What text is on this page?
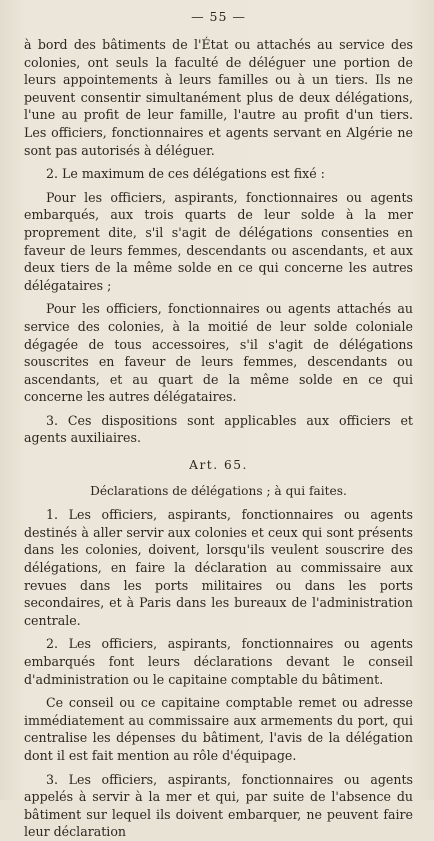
— 55 —

à bord des bâtiments de l'État ou attachés au service des colonies, ont seuls la faculté de déléguer une portion de leurs appointements à leurs familles ou à un tiers. Ils ne peuvent consentir simultanément plus de deux délégations, l'une au profit de leur famille, l'autre au profit d'un tiers. Les officiers, fonctionnaires et agents servant en Algérie ne sont pas autorisés à déléguer.

2. Le maximum de ces délégations est fixé :

Pour les officiers, aspirants, fonctionnaires ou agents embarqués, aux trois quarts de leur solde à la mer proprement dite, s'il s'agit de délégations consenties en faveur de leurs femmes, descendants ou ascendants, et aux deux tiers de la même solde en ce qui concerne les autres délégataires ;

Pour les officiers, fonctionnaires ou agents attachés au service des colonies, à la moitié de leur solde coloniale dégagée de tous accessoires, s'il s'agit de délégations souscrites en faveur de leurs femmes, descendants ou ascendants, et au quart de la même solde en ce qui concerne les autres délégataires.

3. Ces dispositions sont applicables aux officiers et agents auxiliaires.

Art. 65.
Déclarations de délégations ; à qui faites.

1. Les officiers, aspirants, fonctionnaires ou agents destinés à aller servir aux colonies et ceux qui sont présents dans les colonies, doivent, lorsqu'ils veulent souscrire des délégations, en faire la déclaration au commissaire aux revues dans les ports militaires ou dans les ports secondaires, et à Paris dans les bureaux de l'administration centrale.

2. Les officiers, aspirants, fonctionnaires ou agents embarqués font leurs déclarations devant le conseil d'administration ou le capitaine comptable du bâtiment.

Ce conseil ou ce capitaine comptable remet ou adresse immédiatement au commissaire aux armements du port, qui centralise les dépenses du bâtiment, l'avis de la délégation dont il est fait mention au rôle d'équipage.

3. Les officiers, aspirants, fonctionnaires ou agents appelés à servir à la mer et qui, par suite de l'absence du bâtiment sur lequel ils doivent embarquer, ne peuvent faire leur déclaration
